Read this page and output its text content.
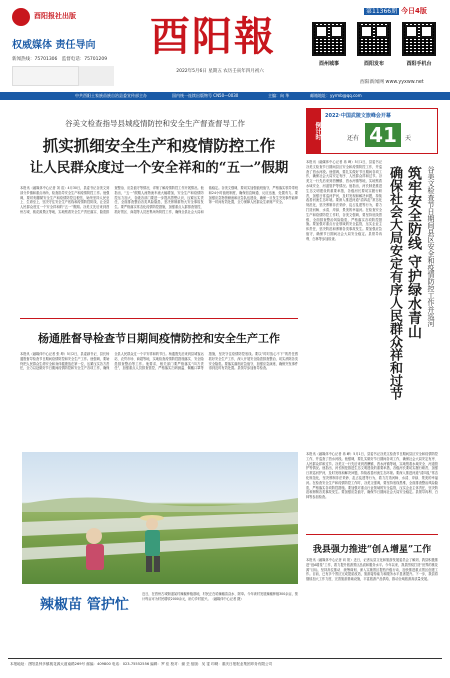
酉阳报社出版
权威媒体 责任导向
新闻热线：75701306 监督电话：75701209	酉阳報
2022年5月6日 星期五 农历壬寅年四月初六
第11366期 今日4版
酉州城事	酉阳发布	酉阳手机台
酉阳新闻网 www.yyxww.net
中共酉阳土家族苗族自治县委宣传部主办	国内统一连续出版物号 CN50—0030	主编：向 华	邮箱地址：yyrmb@qq.com
谷美文检查指导县城疫情防控和安全生产督查督导工作
抓实抓细安全生产和疫情防控工作
让人民群众度过一个安全祥和的“五一”假期
本报讯（融媒体中心记者 刘 浩）4月30日，县委书记谷美文到部分乡镇和重点场所，检查指导安全生产和疫情防控工作。他强调，要时刻绷紧安全生产和疫情防控这根弦，始终坚持人民至上、生命至上，坚决守住安全生产底线和疫情防控防线，让全县人民群众度过一个安全祥和的“五一”假期。谷美文先后来到酉州古城、桃花源景区等地，实地察看安全生产责任落实、隐患排查整治、应急值守等情况，详细了解疫情防控工作开展情况。他指出，“五一”假期人流物流车流大幅增加，安全生产和疫情防控压力加大，各级各部门要进一步提高思想认识，压紧压实责任，全面排查整治各类风险隐患，坚决遏制重特大安全事故发生。要严格落实常态化疫情防控措施，加强重点人群排查管控，抓好景区、商超等人员密集场所防控工作，确保全县社会大局和谐稳定。谷美文强调，要切实加强值班值守，严格落实领导带班和24小时值班制度，确保信息畅通、反应迅速、处置有力。要加强应急物资储备和应急队伍建设，确保一旦发生突发事件能够第一时间有效处置，全力保障人民群众生命财产安全。
倒计时
2022·中国武陵文旅峰会开幕
还有 41	天
谷美文检查节日期间县区安全和疫情防控工作并巡河
筑牢安全防线 守护绿水青山
确保社会大局安定有序人民群众祥和过节
本报讯（融媒体中心记者 冉 峰）5月1日，县委书记谷美文检查节日期间县区安全和疫情防控工作，并巡查了酉水河段。他强调，要扎实做好节日期间各项工作，确保社会大局安定有序、人民群众祥和过节。谷美文一行先后来到酉酬镇、酉水河镇等地，实地察看水域安全、河道管护等情况。他指出，河长制是推进生态文明建设的重要举措，各级河长要切实履行职责，加强日常巡河护河，及时发现和解决问题，持续改善河流生态环境。要深入推进河道“清四乱”常态化规范化，坚决遏制非法采砂、乱占乱建等行为，着力打造河畅、水清、岸绿、景美的幸福河。在检查安全生产和疫情防控工作时，谷美文强调，要坚持底线思维，全面排查整治风险隐患，严格落实各项防控措施。要加强对重点行业领域的安全监管，压实企业主体责任，坚决防范和遏制各类事故发生。要加强应急值守，确保节日期间社会大局安全稳定。县领导冉利、白林等参加检查。
杨通胜督导检查节日期间疫情防控和安全生产工作
本报讯（融媒体中心记者 张 坤）5月2日，县委副书记、县长杨通胜督导检查节日期间疫情防控和安全生产工作。他强调，要始终把人民群众生命安全和身体健康放在第一位，压紧压实各方责任，全力以赴做好节日期间疫情防控和安全生产各项工作，确保全县人民群众过一个平安祥和的节日。杨通胜先后来到县城客运站、农贸市场、商超等地，实地检查疫情防控措施落实、安全隐患排查整治等工作。他要求，相关部门要严格落实“四方责任”，加强重点人员排查管控，严格落实扫码测温、佩戴口罩等措施，坚决守住疫情防控底线。要以“时时放心不下”的责任感抓好安全生产工作，深入开展安全隐患排查整治，切实消除各类安全隐患。要落实落细应急值守，加强应急演练，确保突发事件得到及时有效处置。县领导参加督导检查。
本报讯（融媒体中心记者 冉 峰）5月1日，县委书记谷美文检查节日期间县区安全和疫情防控工作，并巡查了酉水河段。他强调，要扎实做好节日期间各项工作，确保社会大局安定有序、人民群众祥和过节。谷美文一行先后来到酉酬镇、酉水河镇等地，实地察看水域安全、河道管护等情况。他指出，河长制是推进生态文明建设的重要举措，各级河长要切实履行职责，加强日常巡河护河，及时发现和解决问题，持续改善河流生态环境。要深入推进河道“清四乱”常态化规范化，坚决遏制非法采砂、乱占乱建等行为，着力打造河畅、水清、岸绿、景美的幸福河。在检查安全生产和疫情防控工作时，谷美文强调，要坚持底线思维，全面排查整治风险隐患，严格落实各项防控措施。要加强对重点行业领域的安全监管，压实企业主体责任，坚决防范和遏制各类事故发生。要加强应急值守，确保节日期间社会大局安全稳定。县领导冉利、白林等参加检查。
辣椒苗 管护忙
近日，在酉州古城街道某村辣椒种植基地，村民正在给辣椒苗浇水、除草。今年该村发展辣椒种植300余亩，预计每亩可为村民增收2000余元，助力乡村振兴。（融媒体中心记者 摄）
我县强力推进“创Ａ增星”工作
本报讯（融媒体中心记者 向 阳）近日，记者从县文化和旅游发展委员会了解到，我县积极推进“创A增星”工作，着力提升旅游景区品质和服务水平。今年以来，我县围绕打造“世界的桃花源”目标，坚持高位推动、统筹谋划，深入实施景区提档升级行动，加快推进重点景区创建工作。目前，已有多个景区完成提质改造，旅游接待能力和服务水平显著提升。下一步，我县将继续加大工作力度，完善旅游基础设施，丰富旅游产品供给，推动全域旅游高质量发展。
本报地址：酉阳县钟多镇桃花源大道南路269号 邮编：409800 电话：023-75552556 编辑：罗 佳 校对：谢 芸 组版：吴 雯 印刷：重庆日报报业集团印务有限公司
